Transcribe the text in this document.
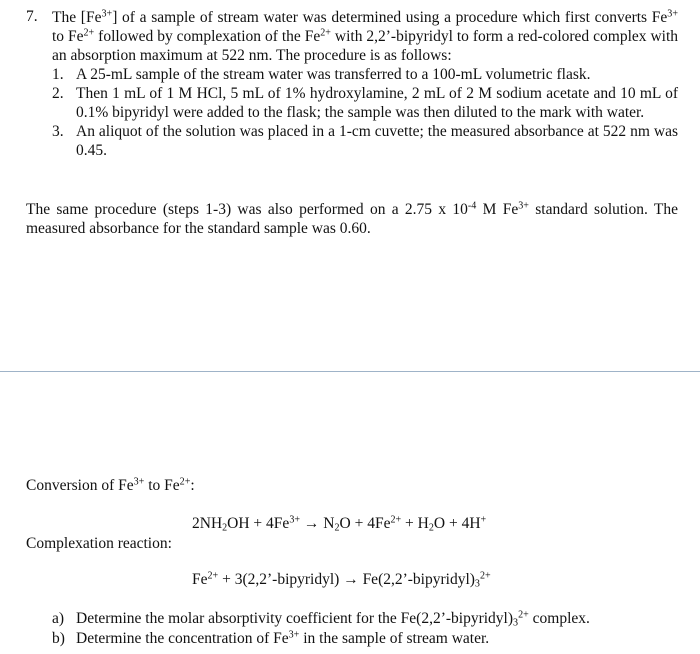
7. The $[Fe^{3+}]$ of a sample of stream water was determined using a procedure which first converts $Fe^{3+}$ to $Fe^{2+}$ followed by complexation of the $Fe^{2+}$ with 2,2’-bipyridyl to form a red-colored complex with an absorption maximum at 522 nm. The procedure is as follows:
1. A 25-mL sample of the stream water was transferred to a 100-mL volumetric flask.
2. Then 1 mL of 1 M HCl, 5 mL of 1% hydroxylamine, 2 mL of 2 M sodium acetate and 10 mL of 0.1% bipyridyl were added to the flask; the sample was then diluted to the mark with water.
3. An aliquot of the solution was placed in a 1-cm cuvette; the measured absorbance at 522 nm was 0.45.
The same procedure (steps 1-3) was also performed on a 2.75 x $10^{-4}$ M $Fe^{3+}$ standard solution. The measured absorbance for the standard sample was 0.60.
Conversion of $Fe^{3+}$ to $Fe^{2+}$:
$2NH_2OH + 4Fe^{3+} \to N_2O + 4Fe^{2+} + H_2O + 4H^+$
Complexation reaction:
$Fe^{2+}$ + 3(2,2’-bipyridyl) → $Fe(2,2’-bipyridyl)_3^{2+}$
a) Determine the molar absorptivity coefficient for the $Fe(2,2’-bipyridyl)_3^{2+}$ complex.
b) Determine the concentration of $Fe^{3+}$ in the sample of stream water.
